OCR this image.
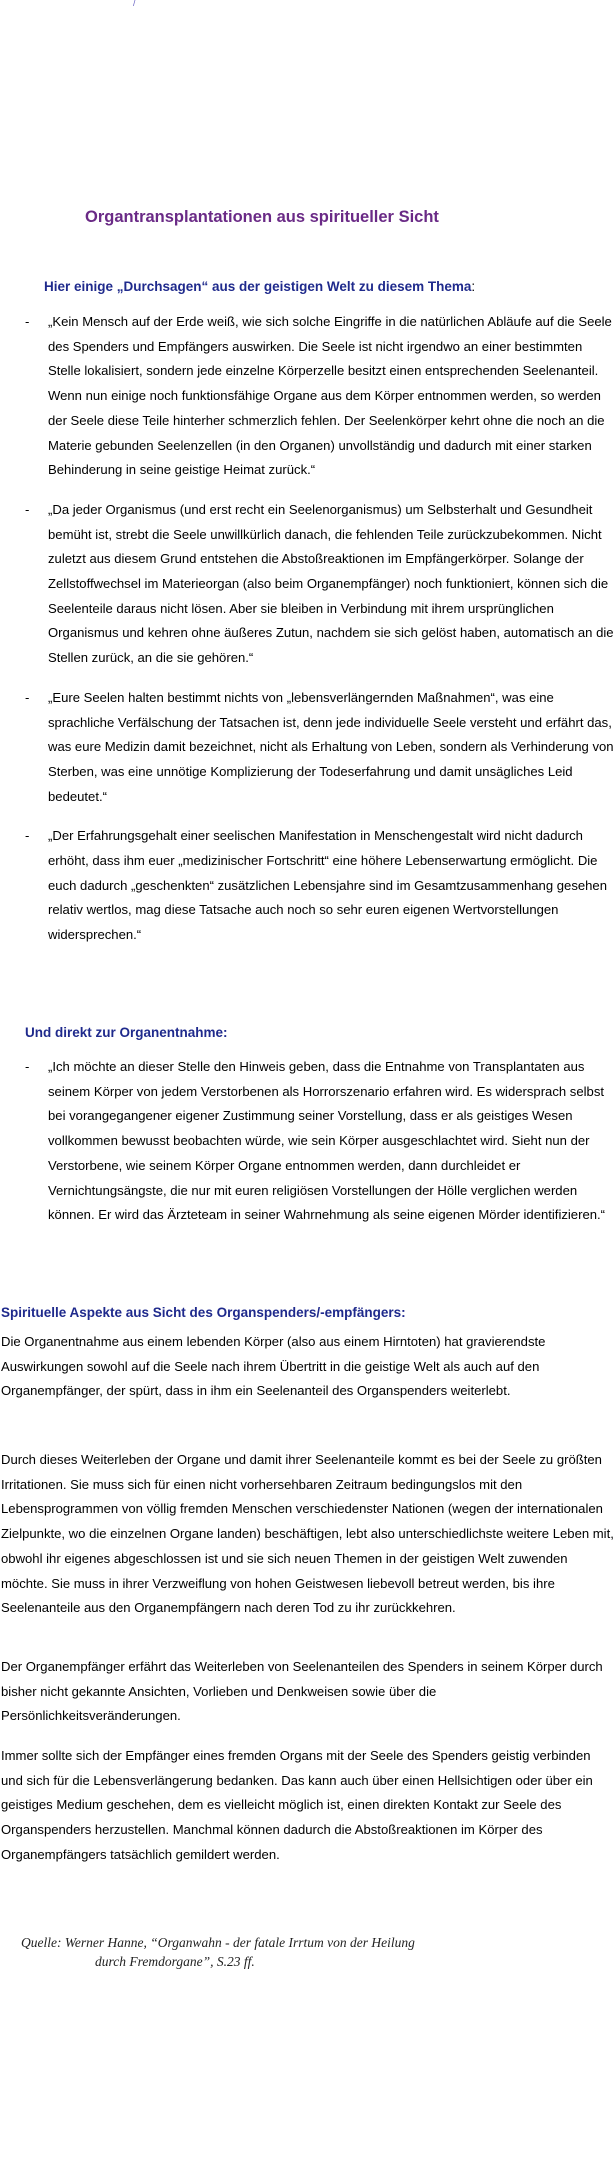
/
Organtransplantationen aus spiritueller Sicht

Hier einige „Durchsagen“ aus der geistigen Welt zu diesem Thema:

- „Kein Mensch auf der Erde weiß, wie sich solche Eingriffe in die natürlichen Abläufe auf die Seele des Spenders und Empfängers auswirken. Die Seele ist nicht irgendwo an einer bestimmten Stelle lokalisiert, sondern jede einzelne Körperzelle besitzt einen entsprechenden Seelenanteil. Wenn nun einige noch funktionsfähige Organe aus dem Körper entnommen werden, so werden der Seele diese Teile hinterher schmerzlich fehlen. Der Seelenkörper kehrt ohne die noch an die Materie gebunden Seelenzellen (in den Organen) unvollständig und dadurch mit einer starken Behinderung in seine geistige Heimat zurück.“
- „Da jeder Organismus (und erst recht ein Seelenorganismus) um Selbsterhalt und Gesundheit bemüht ist, strebt die Seele unwillkürlich danach, die fehlenden Teile zurückzubekommen. Nicht zuletzt aus diesem Grund entstehen die Abstoßreaktionen im Empfängerkörper. Solange der Zellstoffwechsel im Materieorgan (also beim Organempfänger) noch funktioniert, können sich die Seelenteile daraus nicht lösen. Aber sie bleiben in Verbindung mit ihrem ursprünglichen Organismus und kehren ohne äußeres Zutun, nachdem sie sich gelöst haben, automatisch an die Stellen zurück, an die sie gehören.“
- „Eure Seelen halten bestimmt nichts von „lebensverlängernden Maßnahmen“, was eine sprachliche Verfälschung der Tatsachen ist, denn jede individuelle Seele versteht und erfährt das, was eure Medizin damit bezeichnet, nicht als Erhaltung von Leben, sondern als Verhinderung von Sterben, was eine unnötige Komplizierung der Todeserfahrung und damit unsägliches Leid bedeutet.“
- „Der Erfahrungsgehalt einer seelischen Manifestation in Menschengestalt wird nicht dadurch erhöht, dass ihm euer „medizinischer Fortschritt“ eine höhere Lebenserwartung ermöglicht. Die euch dadurch „geschenkten“ zusätzlichen Lebensjahre sind im Gesamtzusammenhang gesehen relativ wertlos, mag diese Tatsache auch noch so sehr euren eigenen Wertvorstellungen widersprechen.“

Und direkt zur Organentnahme:

- „Ich möchte an dieser Stelle den Hinweis geben, dass die Entnahme von Transplantaten aus seinem Körper von jedem Verstorbenen als Horrorszenario erfahren wird. Es widersprach selbst bei vorangegangener eigener Zustimmung seiner Vorstellung, dass er als geistiges Wesen vollkommen bewusst beobachten würde, wie sein Körper ausgeschlachtet wird. Sieht nun der Verstorbene, wie seinem Körper Organe entnommen werden, dann durchleidet er Vernichtungsängste, die nur mit euren religiösen Vorstellungen der Hölle verglichen werden können. Er wird das Ärzteteam in seiner Wahrnehmung als seine eigenen Mörder identifizieren.“

Spirituelle Aspekte aus Sicht des Organspenders/-empfängers:

Die Organentnahme aus einem lebenden Körper (also aus einem Hirntoten) hat gravierendste Auswirkungen sowohl auf die Seele nach ihrem Übertritt in die geistige Welt als auch auf den Organempfänger, der spürt, dass in ihm ein Seelenanteil des Organspenders weiterlebt.

Durch dieses Weiterleben der Organe und damit ihrer Seelenanteile kommt es bei der Seele zu größten Irritationen. Sie muss sich für einen nicht vorhersehbaren Zeitraum bedingungslos mit den Lebensprogrammen von völlig fremden Menschen verschiedenster Nationen (wegen der internationalen Zielpunkte, wo die einzelnen Organe landen) beschäftigen, lebt also unterschiedlichste weitere Leben mit, obwohl ihr eigenes abgeschlossen ist und sie sich neuen Themen in der geistigen Welt zuwenden möchte. Sie muss in ihrer Verzweiflung von hohen Geistwesen liebevoll betreut werden, bis ihre Seelenanteile aus den Organempfängern nach deren Tod zu ihr zurückkehren.

Der Organempfänger erfährt das Weiterleben von Seelenanteilen des Spenders in seinem Körper durch bisher nicht gekannte Ansichten, Vorlieben und Denkweisen sowie über die Persönlichkeitsveränderungen.

Immer sollte sich der Empfänger eines fremden Organs mit der Seele des Spenders geistig verbinden und sich für die Lebensverlängerung bedanken. Das kann auch über einen Hellsichtigen oder über ein geistiges Medium geschehen, dem es vielleicht möglich ist, einen direkten Kontakt zur Seele des Organspenders herzustellen. Manchmal können dadurch die Abstoßreaktionen im Körper des Organempfängers tatsächlich gemildert werden.

Quelle: Werner Hanne, “Organwahn - der fatale Irrtum von der Heilung
durch Fremdorgane”, S.23 ff.
